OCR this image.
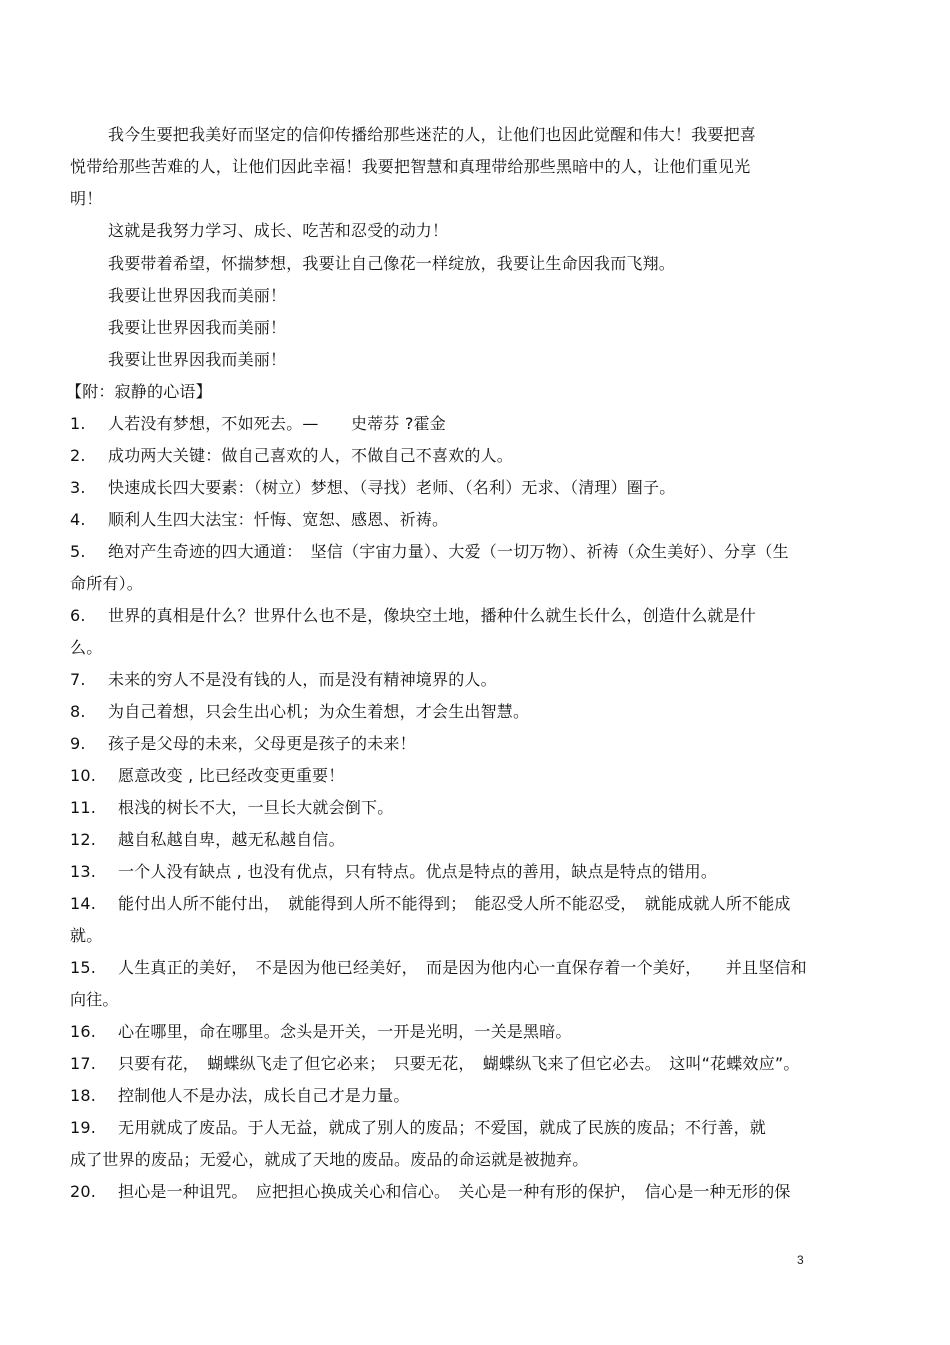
我今生要把我美好而坚定的信仰传播给那些迷茫的人，让他们也因此觉醒和伟大！我要把喜
悦带给那些苦难的人，让他们因此幸福！我要把智慧和真理带给那些黑暗中的人，让他们重见光
明！
这就是我努力学习、成长、吃苦和忍受的动力！
我要带着希望，怀揣梦想，我要让自己像花一样绽放，我要让生命因我而飞翔。
我要让世界因我而美丽！
我要让世界因我而美丽！
我要让世界因我而美丽！
【附：寂静的心语】
1. 人若没有梦想，不如死去。—　　史蒂芬 ?霍金
2. 成功两大关键：做自己喜欢的人，不做自己不喜欢的人。
3. 快速成长四大要素：（树立）梦想、（寻找）老师、（名利）无求、（清理）圈子。
4. 顺利人生四大法宝：忏悔、宽恕、感恩、祈祷。
5. 绝对产生奇迹的四大通道：　坚信（宇宙力量）、大爱（一切万物）、祈祷（众生美好）、分享（生
命所有）。
6. 世界的真相是什么？世界什么也不是，像块空土地，播种什么就生长什么，创造什么就是什
么。
7. 未来的穷人不是没有钱的人，而是没有精神境界的人。
8. 为自己着想，只会生出心机；为众生着想，才会生出智慧。
9. 孩子是父母的未来，父母更是孩子的未来！
10. 愿意改变 , 比已经改变更重要！
11. 根浅的树长不大，一旦长大就会倒下。
12. 越自私越自卑，越无私越自信。
13. 一个人没有缺点 , 也没有优点，只有特点。优点是特点的善用，缺点是特点的错用。
14. 能付出人所不能付出，　就能得到人所不能得到；　能忍受人所不能忍受，　就能成就人所不能成
就。
15. 人生真正的美好，　不是因为他已经美好，　而是因为他内心一直保存着一个美好，　　并且坚信和
向往。
16. 心在哪里，命在哪里。念头是开关，一开是光明，一关是黑暗。
17. 只要有花，　蝴蝶纵飞走了但它必来；　只要无花，　蝴蝶纵飞来了但它必去。　这叫“花蝶效应”。
18. 控制他人不是办法，成长自己才是力量。
19. 无用就成了废品。于人无益，就成了别人的废品；不爱国，就成了民族的废品；不行善，就
成了世界的废品；无爱心，就成了天地的废品。废品的命运就是被抛弃。
20. 担心是一种诅咒。　应把担心换成关心和信心。　关心是一种有形的保护，　信心是一种无形的保
3
